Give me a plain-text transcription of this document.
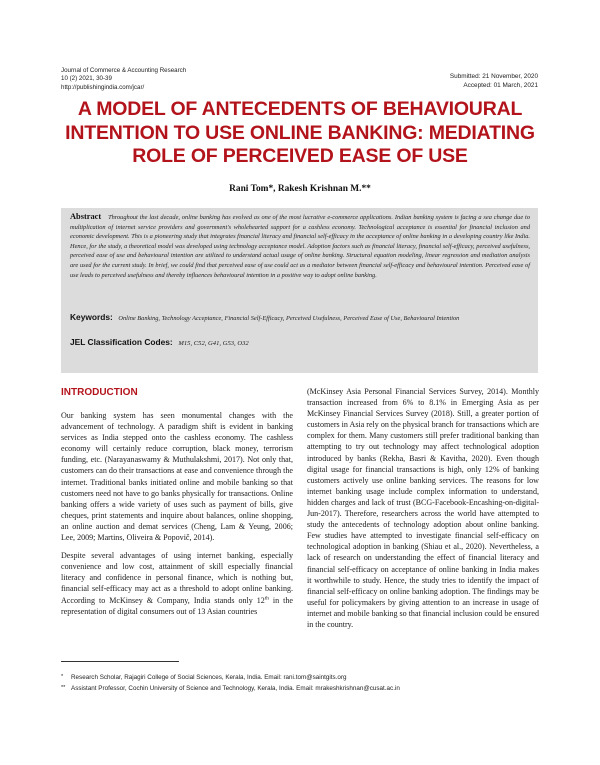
Journal of Commerce & Accounting Research
10 (2) 2021, 30-39
http://publishingindia.com/jcar/
Submitted: 21 November, 2020
Accepted: 01 March, 2021
A MODEL OF ANTECEDENTS OF BEHAVIOURAL
INTENTION TO USE ONLINE BANKING: MEDIATING
ROLE OF PERCEIVED EASE OF USE
Rani Tom*, Rakesh Krishnan M.**
Abstract Throughout the last decade, online banking has evolved as one of the most lucrative e-commerce applications. Indian banking system is facing a sea change due to multiplication of internet service providers and government's wholehearted support for a cashless economy. Technological acceptance is essential for financial inclusion and economic development. This is a pioneering study that integrates financial literacy and financial self-efficacy in the acceptance of online banking in a developing country like India. Hence, for the study, a theoretical model was developed using technology acceptance model. Adoption factors such as financial literacy, financial self-efficacy, perceived usefulness, perceived ease of use and behavioural intention are utilized to understand actual usage of online banking. Structural equation modeling, linear regression and mediation analysis are used for the current study. In brief, we could find that perceived ease of use could act as a mediator between financial self-efficacy and behavioural intention. Perceived ease of use leads to perceived usefulness and thereby influences behavioural intention in a positive way to adopt online banking.
Keywords: Online Banking, Technology Acceptance, Financial Self-Efficacy, Perceived Usefulness, Perceived Ease of Use, Behavioural Intention
JEL Classification Codes: M15, C52, G41, G53, O32
INTRODUCTION

Our banking system has seen monumental changes with the advancement of technology. A paradigm shift is evident in banking services as India stepped onto the cashless economy. The cashless economy will certainly reduce corruption, black money, terrorism funding, etc. (Narayanaswamy & Muthulakshmi, 2017). Not only that, customers can do their transactions at ease and convenience through the internet. Traditional banks initiated online and mobile banking so that customers need not have to go banks physically for transactions. Online banking offers a wide variety of uses such as payment of bills, give cheques, print statements and inquire about balances, online shopping, an online auction and demat services (Cheng, Lam & Yeung, 2006; Lee, 2009; Martins, Oliveira & Popovič, 2014).

Despite several advantages of using internet banking, especially convenience and low cost, attainment of skill especially financial literacy and confidence in personal finance, which is nothing but, financial self-efficacy may act as a threshold to adopt online banking. According to McKinsey & Company, India stands only 12th in the representation of digital consumers out of 13 Asian countries

(McKinsey Asia Personal Financial Services Survey, 2014). Monthly transaction increased from 6% to 8.1% in Emerging Asia as per McKinsey Financial Services Survey (2018). Still, a greater portion of customers in Asia rely on the physical branch for transactions which are complex for them. Many customers still prefer traditional banking than attempting to try out technology may affect technological adoption introduced by banks (Rekha, Basri & Kavitha, 2020). Even though digital usage for financial transactions is high, only 12% of banking customers actively use online banking services. The reasons for low internet banking usage include complex information to understand, hidden charges and lack of trust (BCG-Facebook-Encashing-on-digital-Jun-2017). Therefore, researchers across the world have attempted to study the antecedents of technology adoption about online banking. Few studies have attempted to investigate financial self-efficacy on technological adoption in banking (Shiau et al., 2020). Nevertheless, a lack of research on understanding the effect of financial literacy and financial self-efficacy on acceptance of online banking in India makes it worthwhile to study. Hence, the study tries to identify the impact of financial self-efficacy on online banking adoption. The findings may be useful for policymakers by giving attention to an increase in usage of internet and mobile banking so that financial inclusion could be ensured in the country.

* Research Scholar, Rajagiri College of Social Sciences, Kerala, India. Email: rani.tom@saintgits.org
** Assistant Professor, Cochin University of Science and Technology, Kerala, India. Email: mrakeshkrishnan@cusat.ac.in
